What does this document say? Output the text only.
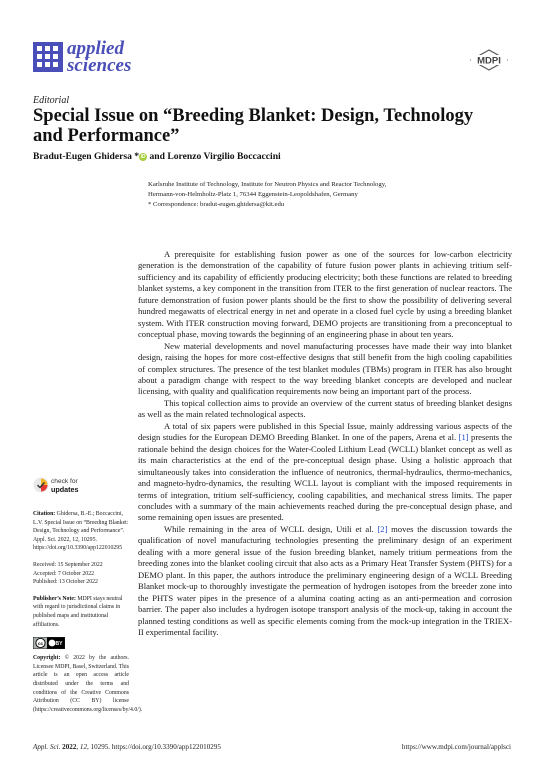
applied
sciences	MDPI
Editorial
Special Issue on “Breeding Blanket: Design, Technology and Performance”
Bradut-Eugen Ghidersa * iD and Lorenzo Virgilio Boccaccini
Karlsruhe Institute of Technology, Institute for Neutron Physics and Reactor Technology,
Hermann-von-Helmholtz-Platz 1, 76344 Eggenstein-Leopoldshafen, Germany
* Correspondence: bradut-eugen.ghidersa@kit.edu
check for
updates
Citation: Ghidersa, B.-E.; Boccaccini, L.V. Special Issue on “Breeding Blanket: Design, Technology and Performance”. Appl. Sci. 2022, 12, 10295. https://doi.org/10.3390/app122010295
Received: 15 September 2022
Accepted: 7 October 2022
Published: 13 October 2022
Publisher’s Note: MDPI stays neutral with regard to jurisdictional claims in published maps and institutional affiliations.
cc BY
Copyright: © 2022 by the authors. Licensee MDPI, Basel, Switzerland. This article is an open access article distributed under the terms and conditions of the Creative Commons Attribution (CC BY) license (https://creativecommons.org/licenses/by/4.0/).

A prerequisite for establishing fusion power as one of the sources for low-carbon electricity generation is the demonstration of the capability of future fusion power plants in achieving tritium self-sufficiency and its capability of efficiently producing electricity; both these functions are related to breeding blanket systems, a key component in the transition from ITER to the first generation of nuclear reactors. The future demonstration of fusion power plants should be the first to show the possibility of delivering several hundred megawatts of electrical energy in net and operate in a closed fuel cycle by using a breeding blanket system. With ITER construction moving forward, DEMO projects are transitioning from a preconceptual to conceptual phase, moving towards the beginning of an engineering phase in about ten years.

New material developments and novel manufacturing processes have made their way into blanket design, raising the hopes for more cost-effective designs that still benefit from the high cooling capabilities of complex structures. The presence of the test blanket modules (TBMs) program in ITER has also brought about a paradigm change with respect to the way breeding blanket concepts are developed and nuclear licensing, with quality and qualification requirements now being an important part of the process.

This topical collection aims to provide an overview of the current status of breeding blanket designs as well as the main related technological aspects.

A total of six papers were published in this Special Issue, mainly addressing various aspects of the design studies for the European DEMO Breeding Blanket. In one of the papers, Arena et al. [1] presents the rationale behind the design choices for the Water-Cooled Lithium Lead (WCLL) blanket concept as well as its main characteristics at the end of the pre-conceptual design phase. Using a holistic approach that simultaneously takes into consideration the influence of neutronics, thermal-hydraulics, thermo-mechanics, and magneto-hydro-dynamics, the resulting WCLL layout is compliant with the imposed requirements in terms of integration, tritium self-sufficiency, cooling capabilities, and mechanical stress limits. The paper concludes with a summary of the main achievements reached during the pre-conceptual design phase, and some remaining open issues are presented.

While remaining in the area of WCLL design, Utili et al. [2] moves the discussion towards the qualification of novel manufacturing technologies presenting the preliminary design of an experiment dealing with a more general issue of the fusion breeding blanket, namely tritium permeations from the breeding zones into the blanket cooling circuit that also acts as a Primary Heat Transfer System (PHTS) for a DEMO plant. In this paper, the authors introduce the preliminary engineering design of a WCLL Breeding Blanket mock-up to thoroughly investigate the permeation of hydrogen isotopes from the breeder zone into the PHTS water pipes in the presence of a alumina coating acting as an anti-permeation and corrosion barrier. The paper also includes a hydrogen isotope transport analysis of the mock-up, taking in account the planned testing conditions as well as specific elements coming from the mock-up integration in the TRIEX-II experimental facility.

Appl. Sci. 2022, 12, 10295. https://doi.org/10.3390/app122010295	https://www.mdpi.com/journal/applsci
